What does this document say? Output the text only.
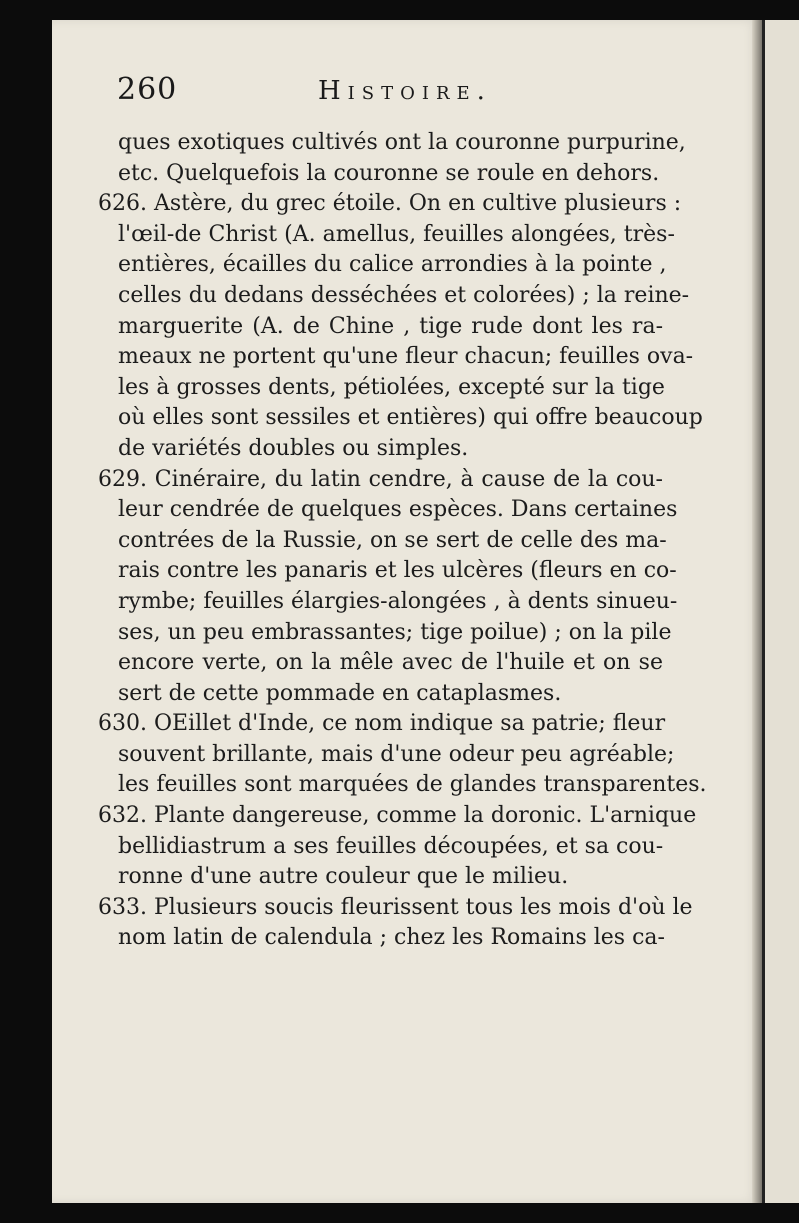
260	Histoire.
ques exotiques cultivés ont la couronne purpurine,
etc. Quelquefois la couronne se roule en dehors.
626. Astère, du grec étoile. On en cultive plusieurs :
l'œil-de Christ (A. amellus, feuilles alongées, très-
entières, écailles du calice arrondies à la pointe ,
celles du dedans desséchées et colorées) ; la reine-
marguerite (A. de Chine , tige rude dont les ra-
meaux ne portent qu'une fleur chacun; feuilles ova-
les à grosses dents, pétiolées, excepté sur la tige
où elles sont sessiles et entières) qui offre beaucoup
de variétés doubles ou simples.
629. Cinéraire, du latin cendre, à cause de la cou-
leur cendrée de quelques espèces. Dans certaines
contrées de la Russie, on se sert de celle des ma-
rais contre les panaris et les ulcères (fleurs en co-
rymbe; feuilles élargies-alongées , à dents sinueu-
ses, un peu embrassantes; tige poilue) ; on la pile
encore verte, on la mêle avec de l'huile et on se
sert de cette pommade en cataplasmes.
630. OEillet d'Inde, ce nom indique sa patrie; fleur
souvent brillante, mais d'une odeur peu agréable;
les feuilles sont marquées de glandes transparentes.
632. Plante dangereuse, comme la doronic. L'arnique
bellidiastrum a ses feuilles découpées, et sa cou-
ronne d'une autre couleur que le milieu.
633. Plusieurs soucis fleurissent tous les mois d'où le
nom latin de calendula ; chez les Romains les ca-
